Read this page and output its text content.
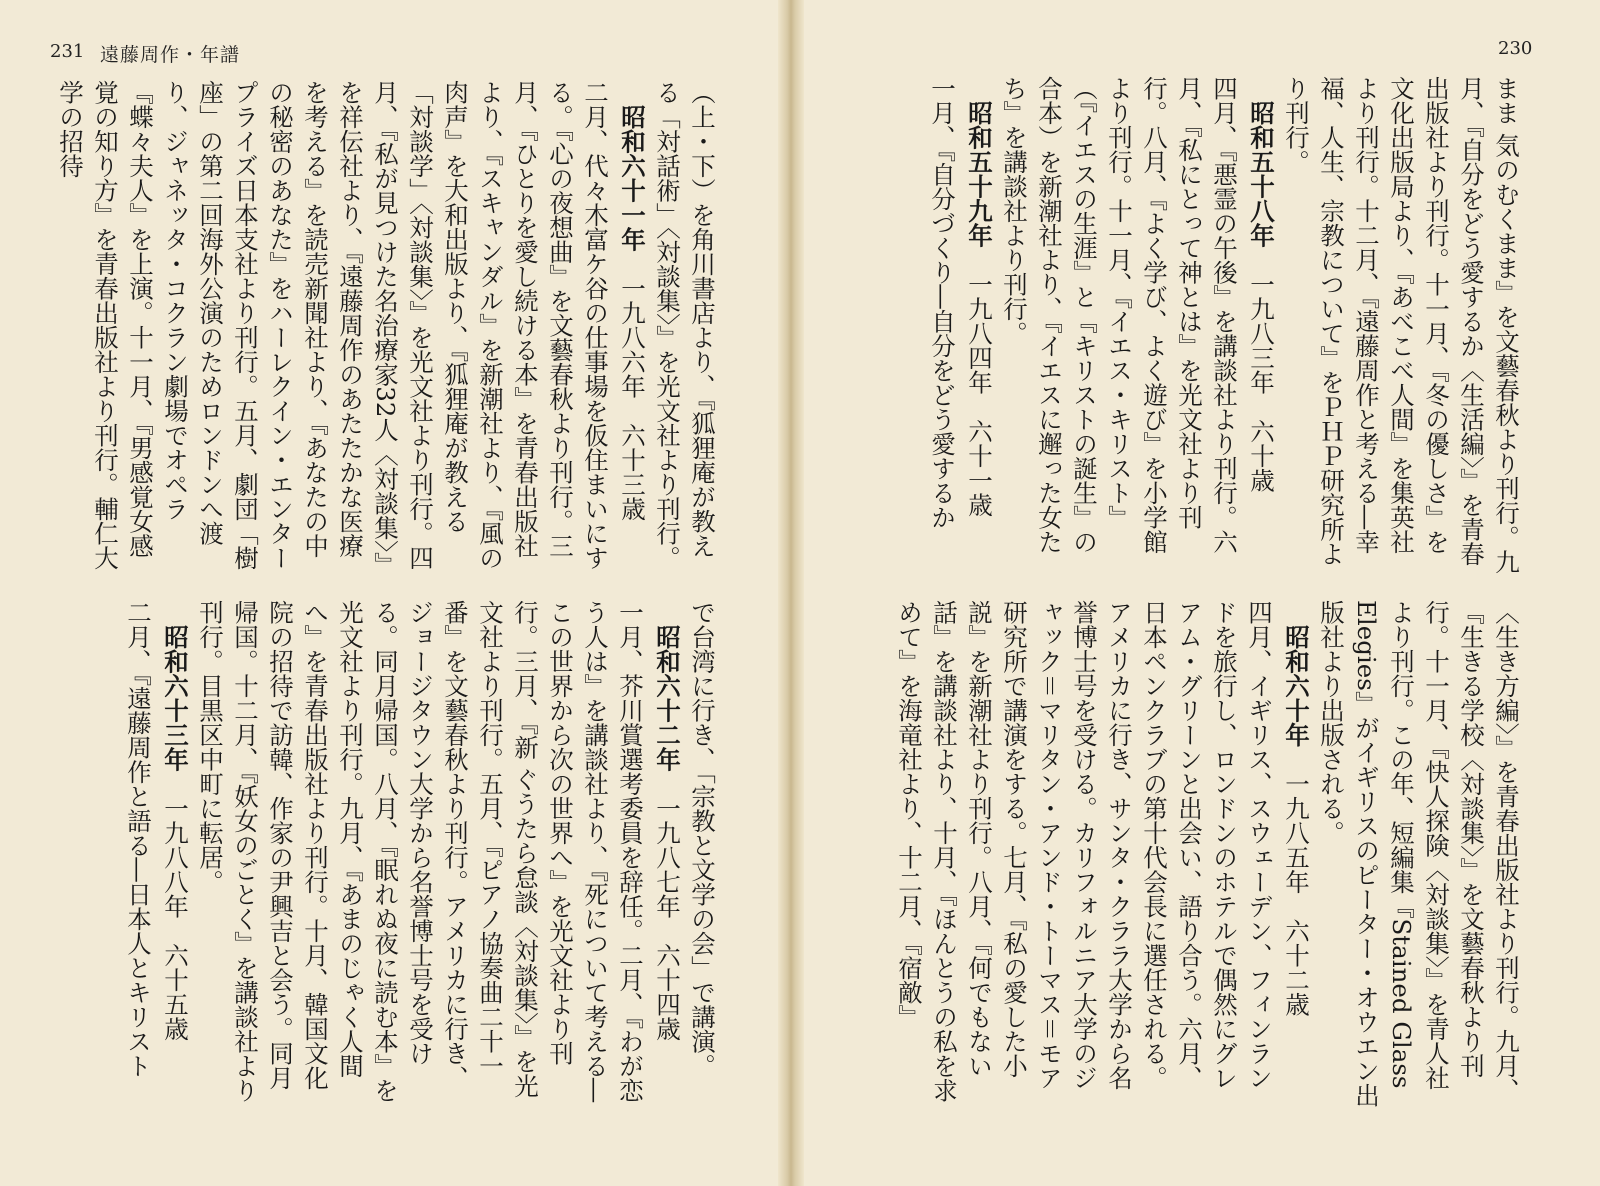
231 遠藤周作・年譜	230

まま 気のむくまま』を文藝春秋より刊行。九月、『自分をどう愛するか〈生活編〉』を青春出版社より刊行。十一月、『冬の優しさ』を文化出版局より、『あべこべ人間』を集英社より刊行。十二月、『遠藤周作と考える―幸福、人生、宗教について』をＰＨＰ研究所より刊行。

昭和五十八年一九八三年六十歳

四月、『悪霊の午後』を講談社より刊行。六月、『私にとって神とは』を光文社より刊行。八月、『よく学び、よく遊び』を小学館より刊行。十一月、『イエス・キリスト』（『イエスの生涯』と『キリストの誕生』の合本）を新潮社より、『イエスに邂った女たち』を講談社より刊行。

昭和五十九年一九八四年六十一歳

一月、『自分づくり―自分をどう愛するか

〈生き方編〉』を青春出版社より刊行。九月、『生きる学校〈対談集〉』を文藝春秋より刊行。十一月、『快人探険〈対談集〉』を青人社より刊行。この年、短編集『Stained Glass Elegies』がイギリスのピーター・オウエン出版社より出版される。

昭和六十年一九八五年六十二歳

四月、イギリス、スウェーデン、フィンランドを旅行し、ロンドンのホテルで偶然にグレアム・グリーンと出会い、語り合う。六月、日本ペンクラブの第十代会長に選任される。アメリカに行き、サンタ・クララ大学から名誉博士号を受ける。カリフォルニア大学のジャック＝マリタン・アンド・トーマス＝モア研究所で講演をする。七月、『私の愛した小説』を新潮社より刊行。八月、『何でもない話』を講談社より、十月、『ほんとうの私を求めて』を海竜社より、十二月、『宿敵』

（上・下）を角川書店より、『狐狸庵が教える「対話術」〈対談集〉』を光文社より刊行。

昭和六十一年一九八六年六十三歳

二月、代々木富ケ谷の仕事場を仮住まいにする。『心の夜想曲』を文藝春秋より刊行。三月、『ひとりを愛し続ける本』を青春出版社より、『スキャンダル』を新潮社より、『風の肉声』を大和出版より、『狐狸庵が教える「対談学」〈対談集〉』を光文社より刊行。四月、『私が見つけた名治療家32人〈対談集〉』を祥伝社より、『遠藤周作のあたたかな医療を考える』を読売新聞社より、『あなたの中の秘密のあなた』をハーレクイン・エンタープライズ日本支社より刊行。五月、劇団「樹座」の第二回海外公演のためロンドンへ渡り、ジャネッタ・コクラン劇場でオペラ『蝶々夫人』を上演。十一月、『男感覚女感覚の知り方』を青春出版社より刊行。輔仁大学の招待

で台湾に行き、「宗教と文学の会」で講演。

昭和六十二年一九八七年六十四歳

一月、芥川賞選考委員を辞任。二月、『わが恋う人は』を講談社より、『死について考える―この世界から次の世界へ』を光文社より刊行。三月、『新 ぐうたら怠談〈対談集〉』を光文社より刊行。五月、『ピアノ協奏曲二十一番』を文藝春秋より刊行。アメリカに行き、ジョージタウン大学から名誉博士号を受ける。同月帰国。八月、『眠れぬ夜に読む本』を光文社より刊行。九月、『あまのじゃく人間へ』を青春出版社より刊行。十月、韓国文化院の招待で訪韓、作家の尹興吉と会う。同月帰国。十二月、『妖女のごとく』を講談社より刊行。目黒区中町に転居。

昭和六十三年一九八八年六十五歳

二月、『遠藤周作と語る―日本人とキリスト
